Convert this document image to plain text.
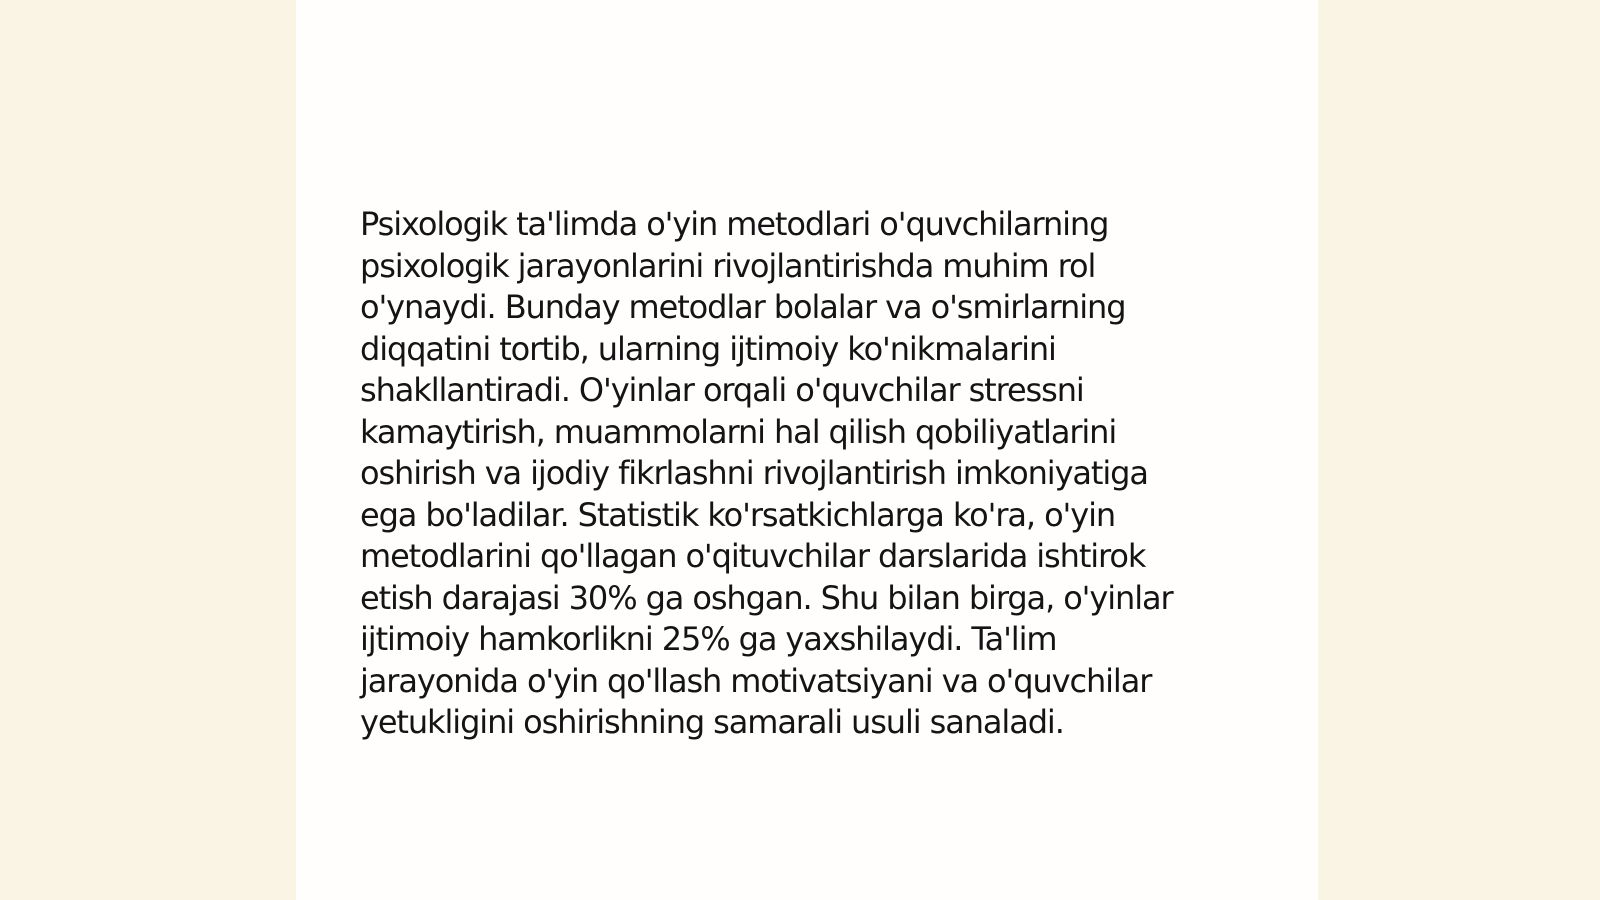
Psixologik ta'limda o'yin metodlari o'quvchilarning
psixologik jarayonlarini rivojlantirishda muhim rol
o'ynaydi. Bunday metodlar bolalar va o'smirlarning
diqqatini tortib, ularning ijtimoiy ko'nikmalarini
shakllantiradi. O'yinlar orqali o'quvchilar stressni
kamaytirish, muammolarni hal qilish qobiliyatlarini
oshirish va ijodiy fikrlashni rivojlantirish imkoniyatiga
ega bo'ladilar. Statistik ko'rsatkichlarga ko'ra, o'yin
metodlarini qo'llagan o'qituvchilar darslarida ishtirok
etish darajasi 30% ga oshgan. Shu bilan birga, o'yinlar
ijtimoiy hamkorlikni 25% ga yaxshilaydi. Ta'lim
jarayonida o'yin qo'llash motivatsiyani va o'quvchilar
yetukligini oshirishning samarali usuli sanaladi.
